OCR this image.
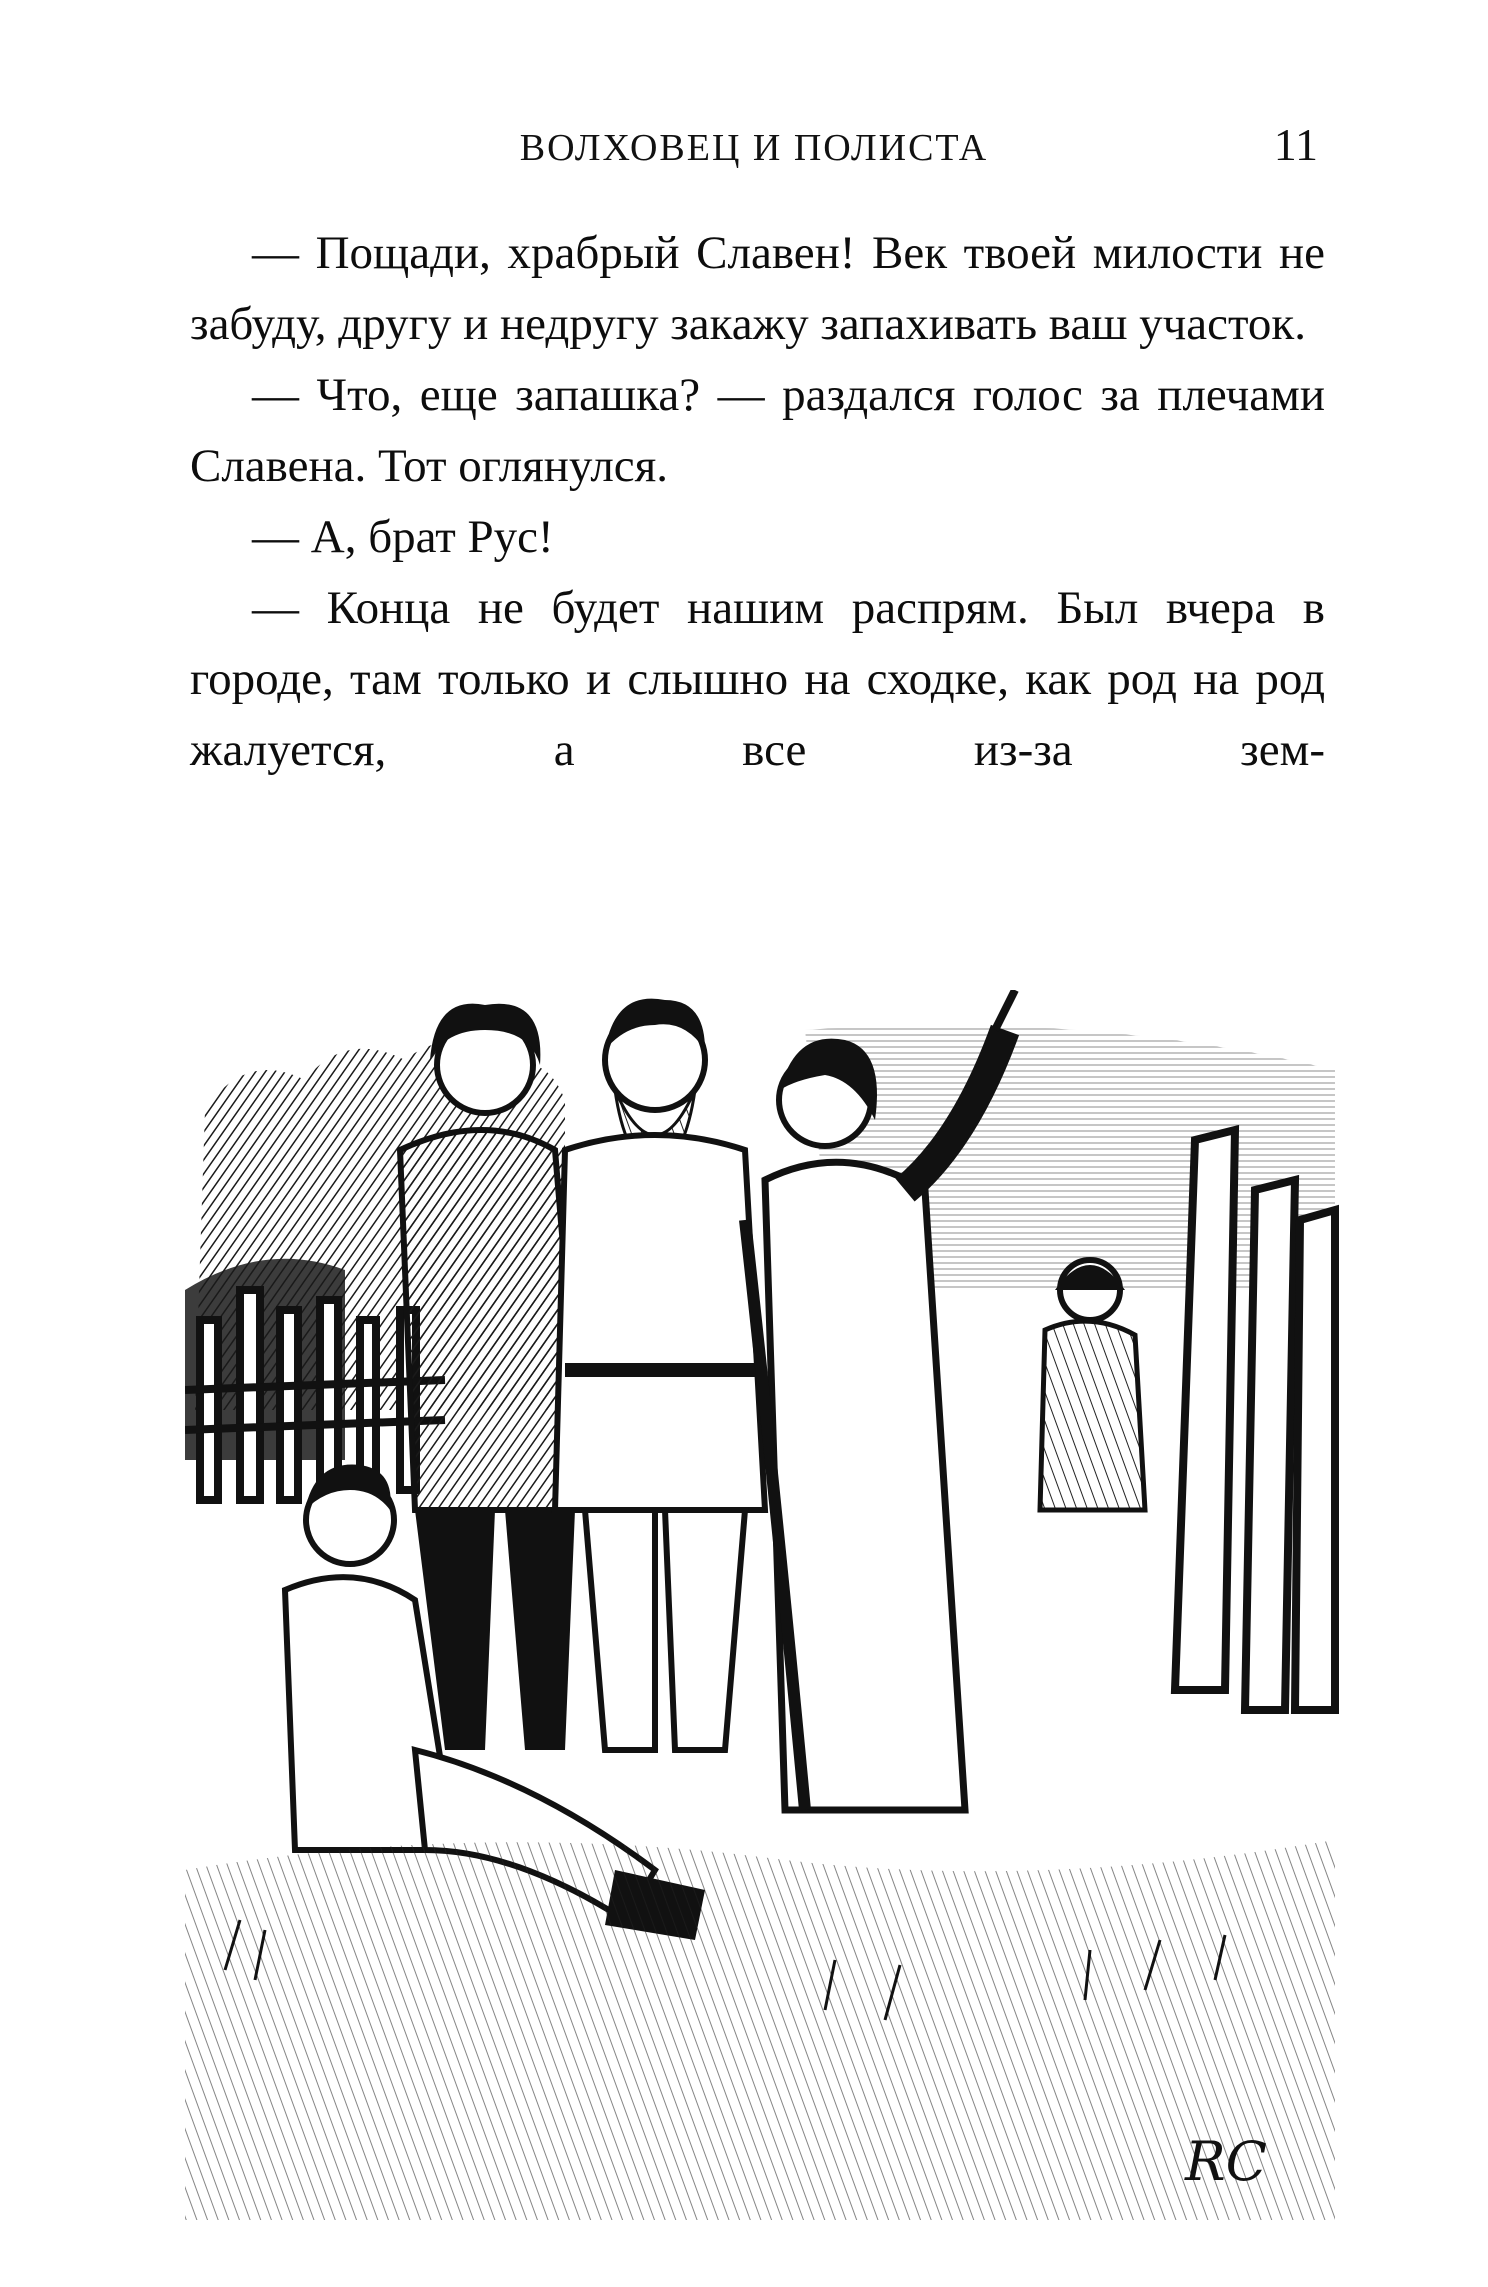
ВОЛХОВЕЦ И ПОЛИСТА	11

— Пощади, храбрый Славен! Век твоей милости не забуду, другу и недругу закажу запахивать ваш участок.

— Что, еще запашка? — раздался голос за плечами Славена. Тот оглянулся.

— А, брат Рус!

— Конца не будет нашим распрям. Был вчера в городе, там только и слышно на сходке, как род на род жалуется, а все из-за зем-

RC
